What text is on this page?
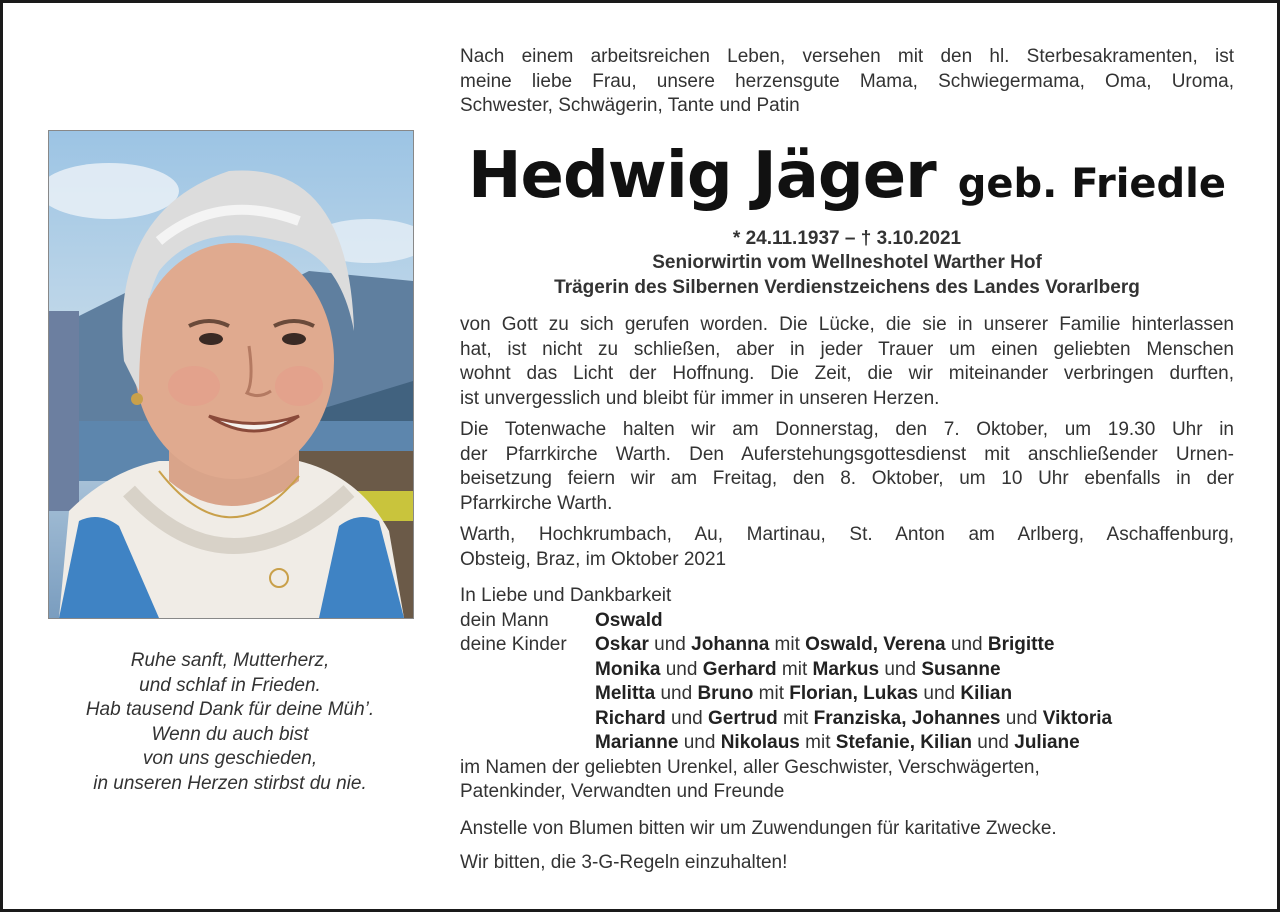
Ruhe sanft, Mutterherz,
und schlaf in Frieden.
Hab tausend Dank für deine Müh’.
Wenn du auch bist
von uns geschieden,
in unseren Herzen stirbst du nie.
Nach einem arbeitsreichen Leben, versehen mit den hl. Sterbesakramenten, ist
meine liebe Frau, unsere herzensgute Mama, Schwiegermama, Oma, Uroma,
Schwester, Schwägerin, Tante und Patin
Hedwig Jäger geb. Friedle
* 24.11.1937 – † 3.10.2021
Seniorwirtin vom Wellneshotel Warther Hof
Trägerin des Silbernen Verdienstzeichens des Landes Vorarlberg
von Gott zu sich gerufen worden. Die Lücke, die sie in unserer Familie hinterlassen
hat, ist nicht zu schließen, aber in jeder Trauer um einen geliebten Menschen
wohnt das Licht der Hoffnung. Die Zeit, die wir miteinander verbringen durften,
ist unvergesslich und bleibt für immer in unseren Herzen.
Die Totenwache halten wir am Donnerstag, den 7. Oktober, um 19.30 Uhr in
der Pfarrkirche Warth. Den Auferstehungsgottesdienst mit anschließender Urnen-
beisetzung feiern wir am Freitag, den 8. Oktober, um 10 Uhr ebenfalls in der
Pfarrkirche Warth.
Warth, Hochkrumbach, Au, Martinau, St. Anton am Arlberg, Aschaffenburg,
Obsteig, Braz, im Oktober 2021
In Liebe und Dankbarkeit
dein Mann	Oswald
deine Kinder	Oskar und Johanna mit Oswald, Verena und Brigitte
Monika und Gerhard mit Markus und Susanne
Melitta und Bruno mit Florian, Lukas und Kilian
Richard und Gertrud mit Franziska, Johannes und Viktoria
Marianne und Nikolaus mit Stefanie, Kilian und Juliane
im Namen der geliebten Urenkel, aller Geschwister, Verschwägerten,
Patenkinder, Verwandten und Freunde
Anstelle von Blumen bitten wir um Zuwendungen für karitative Zwecke.
Wir bitten, die 3-G-Regeln einzuhalten!
